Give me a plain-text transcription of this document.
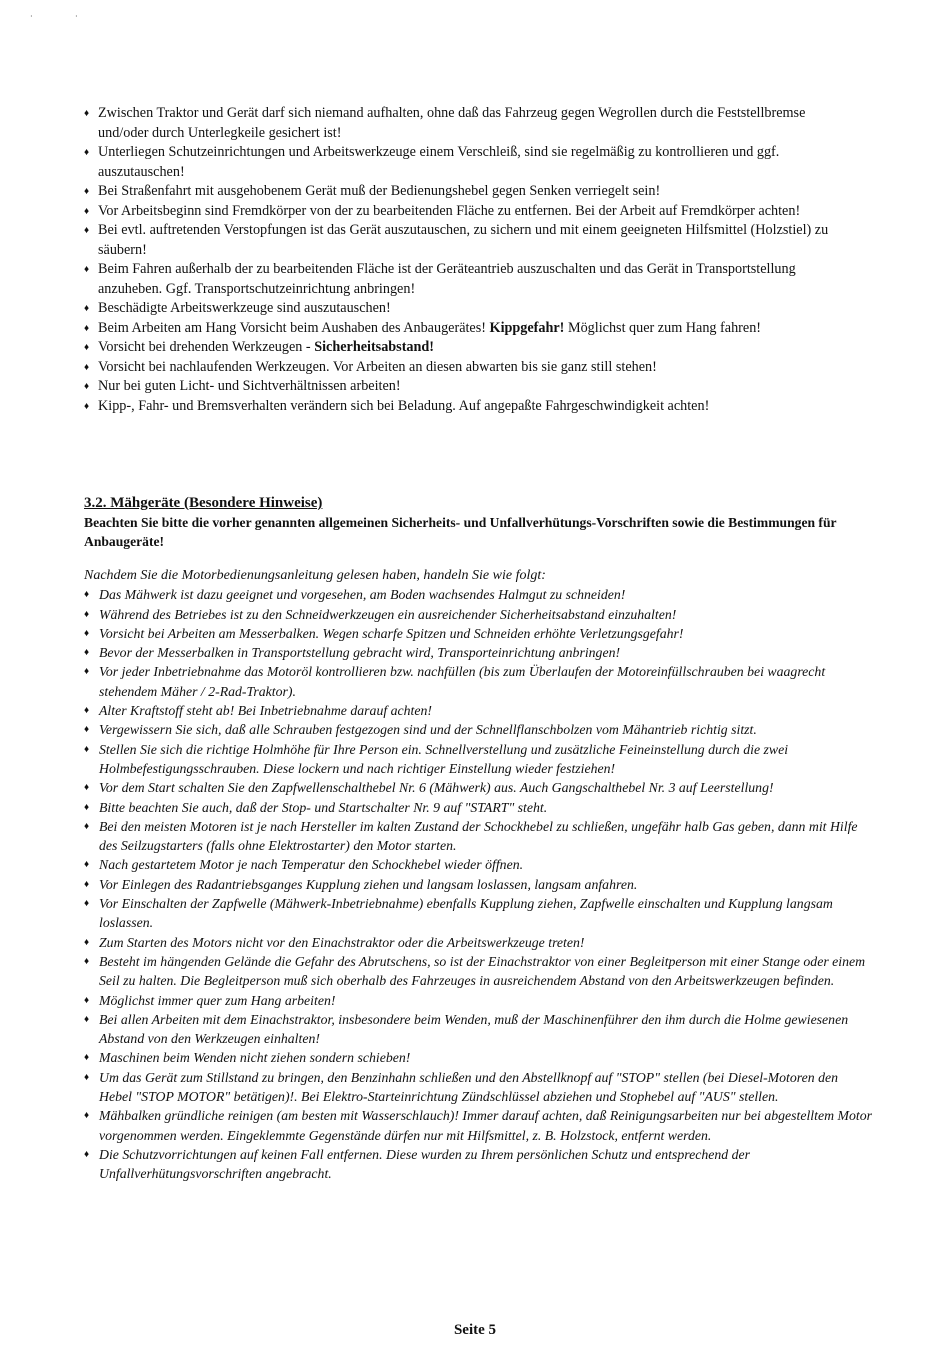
·	·
♦ Zwischen Traktor und Gerät darf sich niemand aufhalten, ohne daß das Fahrzeug gegen Wegrollen durch die Feststellbremse und/oder durch Unterlegkeile gesichert ist!
♦ Unterliegen Schutzeinrichtungen und Arbeitswerkzeuge einem Verschleiß, sind sie regelmäßig zu kontrollieren und ggf. auszutauschen!
♦ Bei Straßenfahrt mit ausgehobenem Gerät muß der Bedienungshebel gegen Senken verriegelt sein!
♦ Vor Arbeitsbeginn sind Fremdkörper von der zu bearbeitenden Fläche zu entfernen. Bei der Arbeit auf Fremdkörper achten!
♦ Bei evtl. auftretenden Verstopfungen ist das Gerät auszutauschen, zu sichern und mit einem geeigneten Hilfsmittel (Holzstiel) zu säubern!
♦ Beim Fahren außerhalb der zu bearbeitenden Fläche ist der Geräteantrieb auszuschalten und das Gerät in Transportstellung anzuheben. Ggf. Transportschutzeinrichtung anbringen!
♦ Beschädigte Arbeitswerkzeuge sind auszutauschen!
♦ Beim Arbeiten am Hang Vorsicht beim Aushaben des Anbaugerätes! Kippgefahr! Möglichst quer zum Hang fahren!
♦ Vorsicht bei drehenden Werkzeugen - Sicherheitsabstand!
♦ Vorsicht bei nachlaufenden Werkzeugen. Vor Arbeiten an diesen abwarten bis sie ganz still stehen!
♦ Nur bei guten Licht- und Sichtverhältnissen arbeiten!
♦ Kipp-, Fahr- und Bremsverhalten verändern sich bei Beladung. Auf angepaßte Fahrgeschwindigkeit achten!
3.2. Mähgeräte (Besondere Hinweise)

Beachten Sie bitte die vorher genannten allgemeinen Sicherheits- und Unfallverhütungs-Vorschriften sowie die Bestimmungen für Anbaugeräte!

Nachdem Sie die Motorbedienungsanleitung gelesen haben, handeln Sie wie folgt:

♦ Das Mähwerk ist dazu geeignet und vorgesehen, am Boden wachsendes Halmgut zu schneiden!
♦ Während des Betriebes ist zu den Schneidwerkzeugen ein ausreichender Sicherheitsabstand einzuhalten!
♦ Vorsicht bei Arbeiten am Messerbalken. Wegen scharfe Spitzen und Schneiden erhöhte Verletzungsgefahr!
♦ Bevor der Messerbalken in Transportstellung gebracht wird, Transporteinrichtung anbringen!
♦ Vor jeder Inbetriebnahme das Motoröl kontrollieren bzw. nachfüllen (bis zum Überlaufen der Motoreinfüllschrauben bei waagrecht stehendem Mäher / 2-Rad-Traktor).
♦ Alter Kraftstoff steht ab! Bei Inbetriebnahme darauf achten!
♦ Vergewissern Sie sich, daß alle Schrauben festgezogen sind und der Schnellflanschbolzen vom Mähantrieb richtig sitzt.
♦ Stellen Sie sich die richtige Holmhöhe für Ihre Person ein. Schnellverstellung und zusätzliche Feineinstellung durch die zwei Holmbefestigungsschrauben. Diese lockern und nach richtiger Einstellung wieder festziehen!
♦ Vor dem Start schalten Sie den Zapfwellenschalthebel Nr. 6 (Mähwerk) aus. Auch Gangschalthebel Nr. 3 auf Leerstellung!
♦ Bitte beachten Sie auch, daß der Stop- und Startschalter Nr. 9 auf "START" steht.
♦ Bei den meisten Motoren ist je nach Hersteller im kalten Zustand der Schockhebel zu schließen, ungefähr halb Gas geben, dann mit Hilfe des Seilzugstarters (falls ohne Elektrostarter) den Motor starten.
♦ Nach gestartetem Motor je nach Temperatur den Schockhebel wieder öffnen.
♦ Vor Einlegen des Radantriebsganges Kupplung ziehen und langsam loslassen, langsam anfahren.
♦ Vor Einschalten der Zapfwelle (Mähwerk-Inbetriebnahme) ebenfalls Kupplung ziehen, Zapfwelle einschalten und Kupplung langsam loslassen.
♦ Zum Starten des Motors nicht vor den Einachstraktor oder die Arbeitswerkzeuge treten!
♦ Besteht im hängenden Gelände die Gefahr des Abrutschens, so ist der Einachstraktor von einer Begleitperson mit einer Stange oder einem Seil zu halten. Die Begleitperson muß sich oberhalb des Fahrzeuges in ausreichendem Abstand von den Arbeitswerkzeugen befinden.
♦ Möglichst immer quer zum Hang arbeiten!
♦ Bei allen Arbeiten mit dem Einachstraktor, insbesondere beim Wenden, muß der Maschinenführer den ihm durch die Holme gewiesenen Abstand von den Werkzeugen einhalten!
♦ Maschinen beim Wenden nicht ziehen sondern schieben!
♦ Um das Gerät zum Stillstand zu bringen, den Benzinhahn schließen und den Abstellknopf auf "STOP" stellen (bei Diesel-Motoren den Hebel "STOP MOTOR" betätigen)!. Bei Elektro-Starteinrichtung Zündschlüssel abziehen und Stophebel auf "AUS" stellen.
♦ Mähbalken gründliche reinigen (am besten mit Wasserschlauch)! Immer darauf achten, daß Reinigungsarbeiten nur bei abgestelltem Motor vorgenommen werden. Eingeklemmte Gegenstände dürfen nur mit Hilfsmittel, z. B. Holzstock, entfernt werden.
♦ Die Schutzvorrichtungen auf keinen Fall entfernen. Diese wurden zu Ihrem persönlichen Schutz und entsprechend der Unfallverhütungsvorschriften angebracht.
Seite 5
